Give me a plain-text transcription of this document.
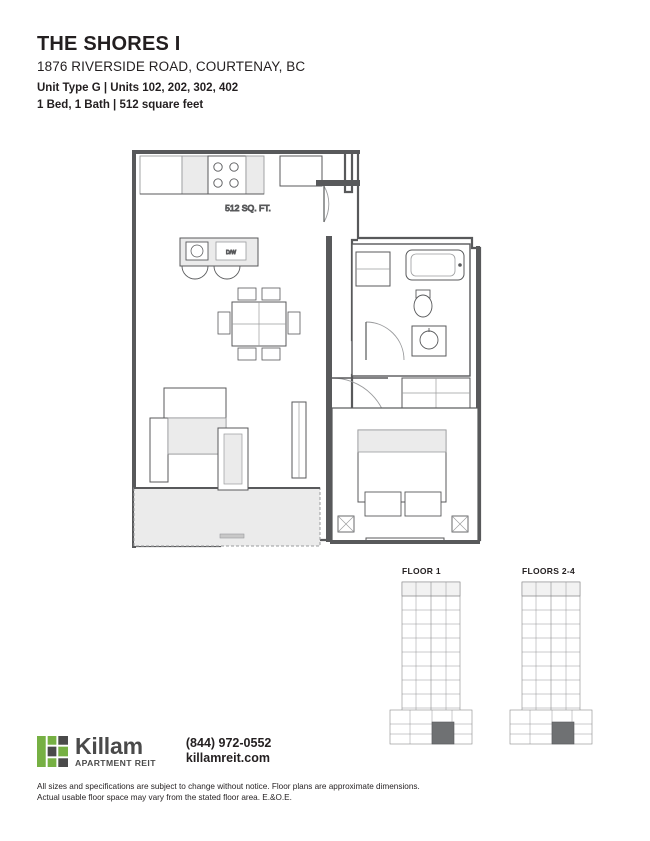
THE SHORES I
1876 RIVERSIDE ROAD, COURTENAY, BC
Unit Type G | Units 102, 202, 302, 402
1 Bed, 1 Bath | 512 square feet
512 SQ. FT.
D/W
FLOOR 1	FLOORS 2-4
Killam
APARTMENT REIT
(844) 972-0552
killamreit.com
All sizes and specifications are subject to change without notice. Floor plans are approximate dimensions.
Actual usable floor space may vary from the stated floor area. E.&O.E.
